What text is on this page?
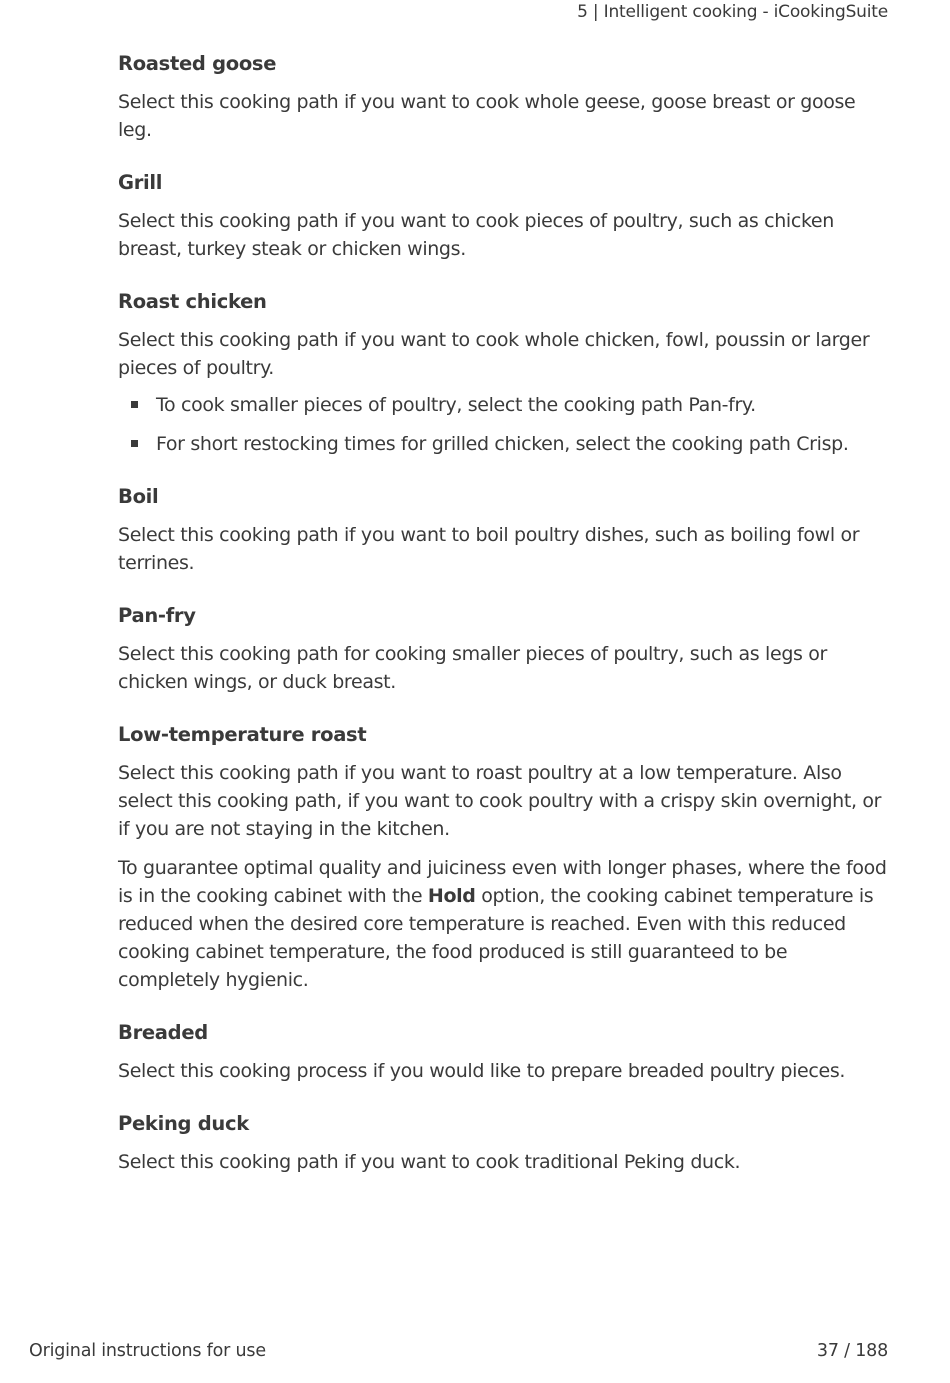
5 | Intelligent cooking - iCookingSuite
Roasted goose

Select this cooking path if you want to cook whole geese, goose breast or goose leg.

Grill

Select this cooking path if you want to cook pieces of poultry, such as chicken breast, turkey steak or chicken wings.

Roast chicken

Select this cooking path if you want to cook whole chicken, fowl, poussin or larger pieces of poultry.

To cook smaller pieces of poultry, select the cooking path Pan-fry.
For short restocking times for grilled chicken, select the cooking path Crisp.
Boil

Select this cooking path if you want to boil poultry dishes, such as boiling fowl or terrines.

Pan-fry

Select this cooking path for cooking smaller pieces of poultry, such as legs or chicken wings, or duck breast.

Low-temperature roast

Select this cooking path if you want to roast poultry at a low temperature. Also select this cooking path, if you want to cook poultry with a crispy skin overnight, or if you are not staying in the kitchen.

To guarantee optimal quality and juiciness even with longer phases, where the food is in the cooking cabinet with the Hold option, the cooking cabinet temperature is reduced when the desired core temperature is reached. Even with this reduced cooking cabinet temperature, the food produced is still guaranteed to be completely hygienic.

Breaded

Select this cooking process if you would like to prepare breaded poultry pieces.

Peking duck

Select this cooking path if you want to cook traditional Peking duck.

Original instructions for use	37 / 188
